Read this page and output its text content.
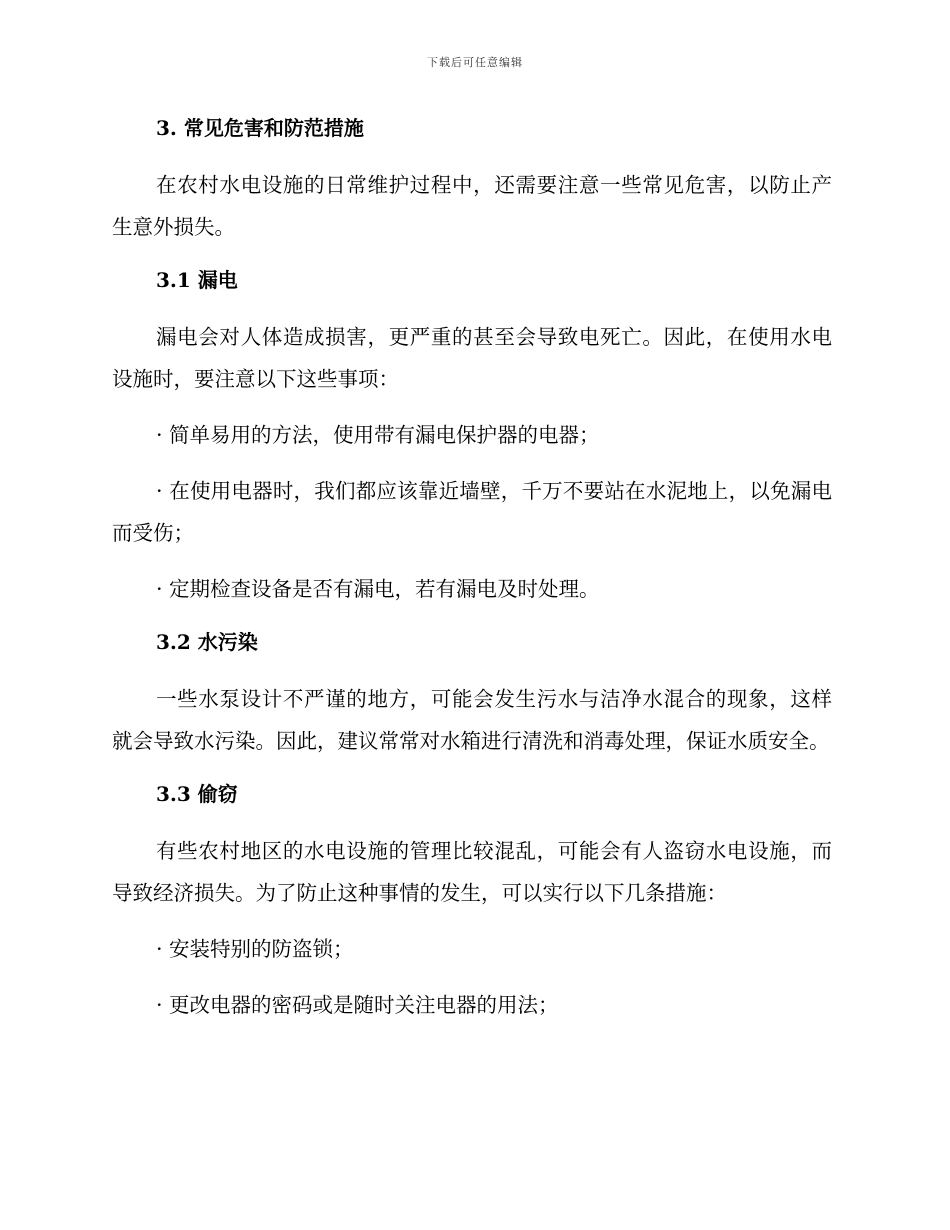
下载后可任意编辑
3. 常见危害和防范措施

在农村水电设施的日常维护过程中，还需要注意一些常见危害，以防止产生意外损失。

3.1 漏电

漏电会对人体造成损害，更严重的甚至会导致电死亡。因此，在使用水电设施时，要注意以下这些事项：

· 简单易用的方法，使用带有漏电保护器的电器；

· 在使用电器时，我们都应该靠近墙壁，千万不要站在水泥地上，以免漏电而受伤；

· 定期检查设备是否有漏电，若有漏电及时处理。

3.2 水污染

一些水泵设计不严谨的地方，可能会发生污水与洁净水混合的现象，这样就会导致水污染。因此，建议常常对水箱进行清洗和消毒处理，保证水质安全。

3.3 偷窃

有些农村地区的水电设施的管理比较混乱，可能会有人盗窃水电设施，而导致经济损失。为了防止这种事情的发生，可以实行以下几条措施：

· 安装特别的防盗锁；

· 更改电器的密码或是随时关注电器的用法；
